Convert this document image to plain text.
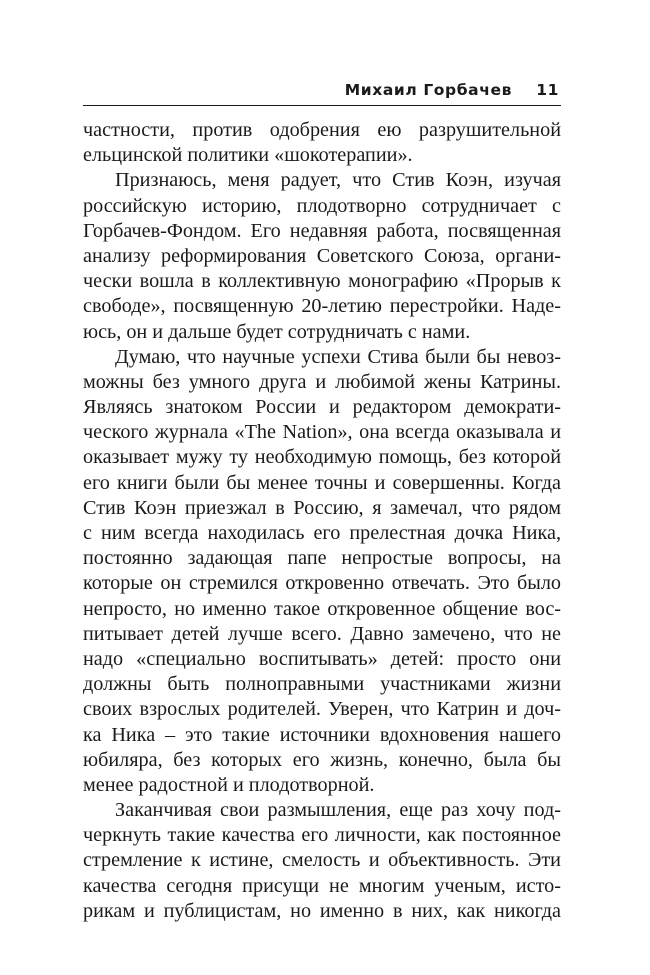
Михаил Горбачев 11
частности, против одобрения ею разрушительной
ельцинской политики «шокотерапии».
Признаюсь, меня радует, что Стив Коэн, изучая
российскую историю, плодотворно сотрудничает с
Горбачев-Фондом. Его недавняя работа, посвященная
анализу реформирования Советского Союза, органи-
чески вошла в коллективную монографию «Прорыв к
свободе», посвященную 20-летию перестройки. Наде-
юсь, он и дальше будет сотрудничать с нами.
Думаю, что научные успехи Стива были бы невоз-
можны без умного друга и любимой жены Катрины.
Являясь знатоком России и редактором демократи-
ческого журнала «The Nation», она всегда оказывала и
оказывает мужу ту необходимую помощь, без которой
его книги были бы менее точны и совершенны. Когда
Стив Коэн приезжал в Россию, я замечал, что рядом
с ним всегда находилась его прелестная дочка Ника,
постоянно задающая папе непростые вопросы, на
которые он стремился откровенно отвечать. Это было
непросто, но именно такое откровенное общение вос-
питывает детей лучше всего. Давно замечено, что не
надо «специально воспитывать» детей: просто они
должны быть полноправными участниками жизни
своих взрослых родителей. Уверен, что Катрин и доч-
ка Ника – это такие источники вдохновения нашего
юбиляра, без которых его жизнь, конечно, была бы
менее радостной и плодотворной.
Заканчивая свои размышления, еще раз хочу под-
черкнуть такие качества его личности, как постоянное
стремление к истине, смелость и объективность. Эти
качества сегодня присущи не многим ученым, исто-
рикам и публицистам, но именно в них, как никогда
